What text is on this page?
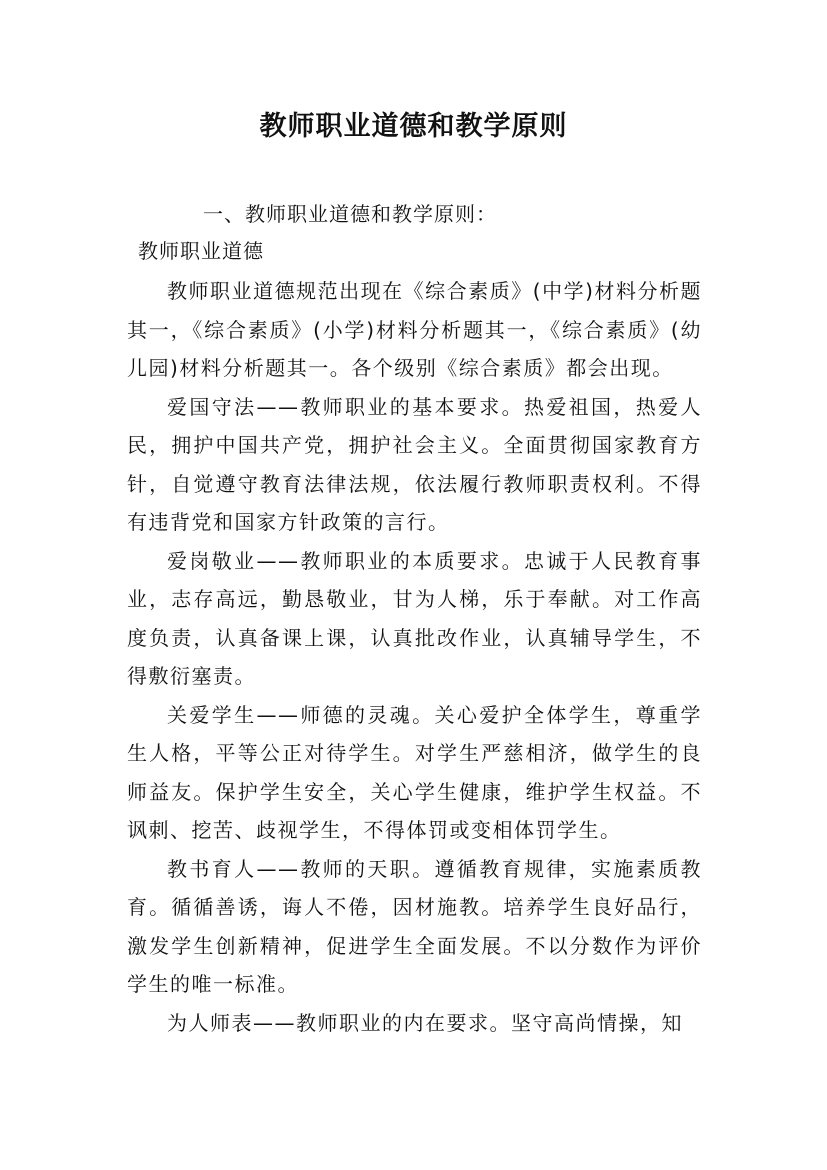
教师职业道德和教学原则
一、教师职业道德和教学原则：
教师职业道德

教师职业道德规范出现在《综合素质》(中学)材料分析题其一，《综合素质》(小学)材料分析题其一，《综合素质》(幼儿园)材料分析题其一。各个级别《综合素质》都会出现。

爱国守法——教师职业的基本要求。热爱祖国，热爱人民，拥护中国共产党，拥护社会主义。全面贯彻国家教育方针，自觉遵守教育法律法规，依法履行教师职责权利。不得有违背党和国家方针政策的言行。

爱岗敬业——教师职业的本质要求。忠诚于人民教育事业，志存高远，勤恳敬业，甘为人梯，乐于奉献。对工作高度负责，认真备课上课，认真批改作业，认真辅导学生，不得敷衍塞责。

关爱学生——师德的灵魂。关心爱护全体学生，尊重学生人格，平等公正对待学生。对学生严慈相济，做学生的良师益友。保护学生安全，关心学生健康，维护学生权益。不讽刺、挖苦、歧视学生，不得体罚或变相体罚学生。

教书育人——教师的天职。遵循教育规律，实施素质教育。循循善诱，诲人不倦，因材施教。培养学生良好品行，激发学生创新精神，促进学生全面发展。不以分数作为评价学生的唯一标准。

为人师表——教师职业的内在要求。坚守高尚情操，知
